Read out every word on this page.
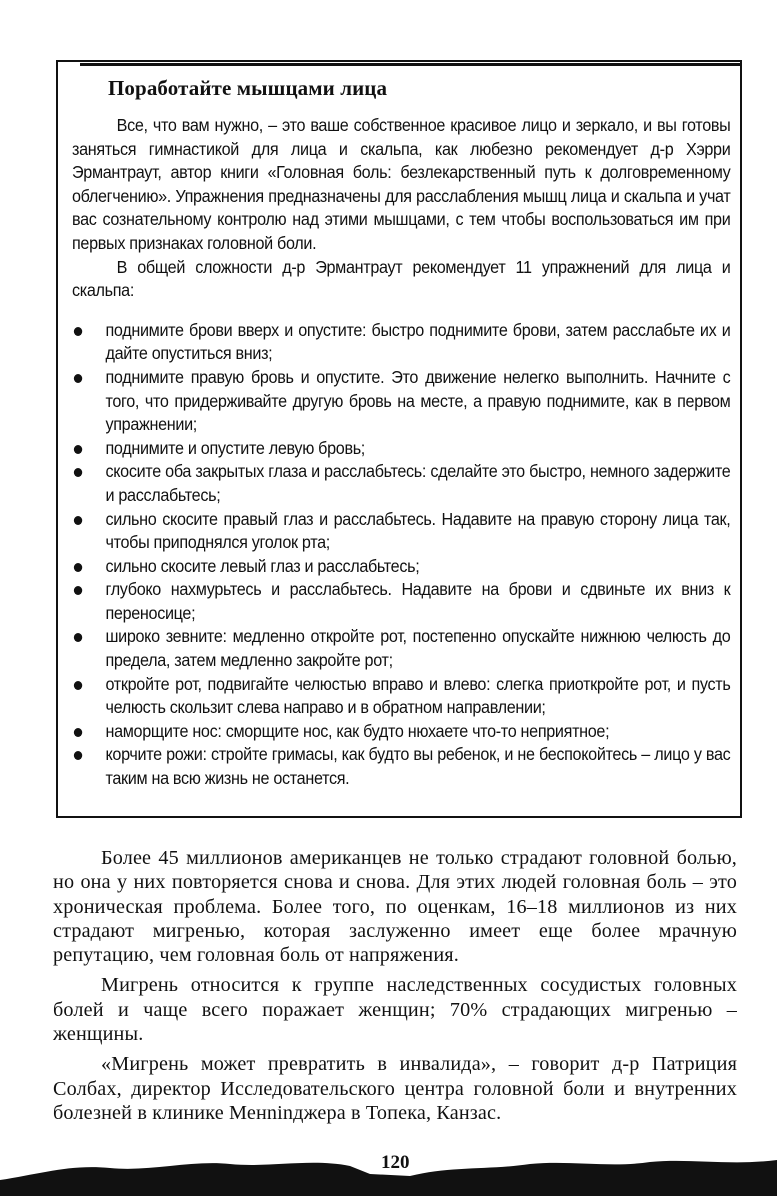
Поработайте мышцами лица

Все, что вам нужно, – это ваше собственное красивое лицо и зеркало, и вы готовы заняться гимнастикой для лица и скальпа, как любезно рекомендует д-р Хэрри Эрмантраут, автор книги «Головная боль: безлекарственный путь к долговременному облегчению». Упражнения предназначены для расслабления мышц лица и скальпа и учат вас сознательному контролю над этими мышцами, с тем чтобы воспользоваться им при первых признаках головной боли.

В общей сложности д-р Эрмантраут рекомендует 11 упражнений для лица и скальпа:

поднимите брови вверх и опустите: быстро поднимите брови, затем расслабьте их и дайте опуститься вниз;
поднимите правую бровь и опустите. Это движение нелегко выполнить. Начните с того, что придерживайте другую бровь на месте, а правую поднимите, как в первом упражнении;
поднимите и опустите левую бровь;
скосите оба закрытых глаза и расслабьтесь: сделайте это быстро, немного задержите и расслабьтесь;
сильно скосите правый глаз и расслабьтесь. Надавите на правую сторону лица так, чтобы приподнялся уголок рта;
сильно скосите левый глаз и расслабьтесь;
глубоко нахмурьтесь и расслабьтесь. Надавите на брови и сдвиньте их вниз к переносице;
широко зевните: медленно откройте рот, постепенно опускайте нижнюю челюсть до предела, затем медленно закройте рот;
откройте рот, подвигайте челюстью вправо и влево: слегка приоткройте рот, и пусть челюсть скользит слева направо и в обратном направлении;
наморщите нос: сморщите нос, как будто нюхаете что-то неприятное;
корчите рожи: стройте гримасы, как будто вы ребенок, и не беспокойтесь – лицо у вас таким на всю жизнь не останется.

Более 45 миллионов американцев не только страдают головной болью, но она у них повторяется снова и снова. Для этих людей головная боль – это хроническая проблема. Более того, по оценкам, 16–18 миллионов из них страдают мигренью, которая заслуженно имеет еще более мрачную репутацию, чем головная боль от напряжения.

Мигрень относится к группе наследственных сосудистых головных болей и чаще всего поражает женщин; 70% страдающих мигренью – женщины.

«Мигрень может превратить в инвалида», – говорит д-р Патриция Солбах, директор Исследовательского центра головной боли и внутренних болезней в клинике Менninджера в Топека, Канзас.

120
